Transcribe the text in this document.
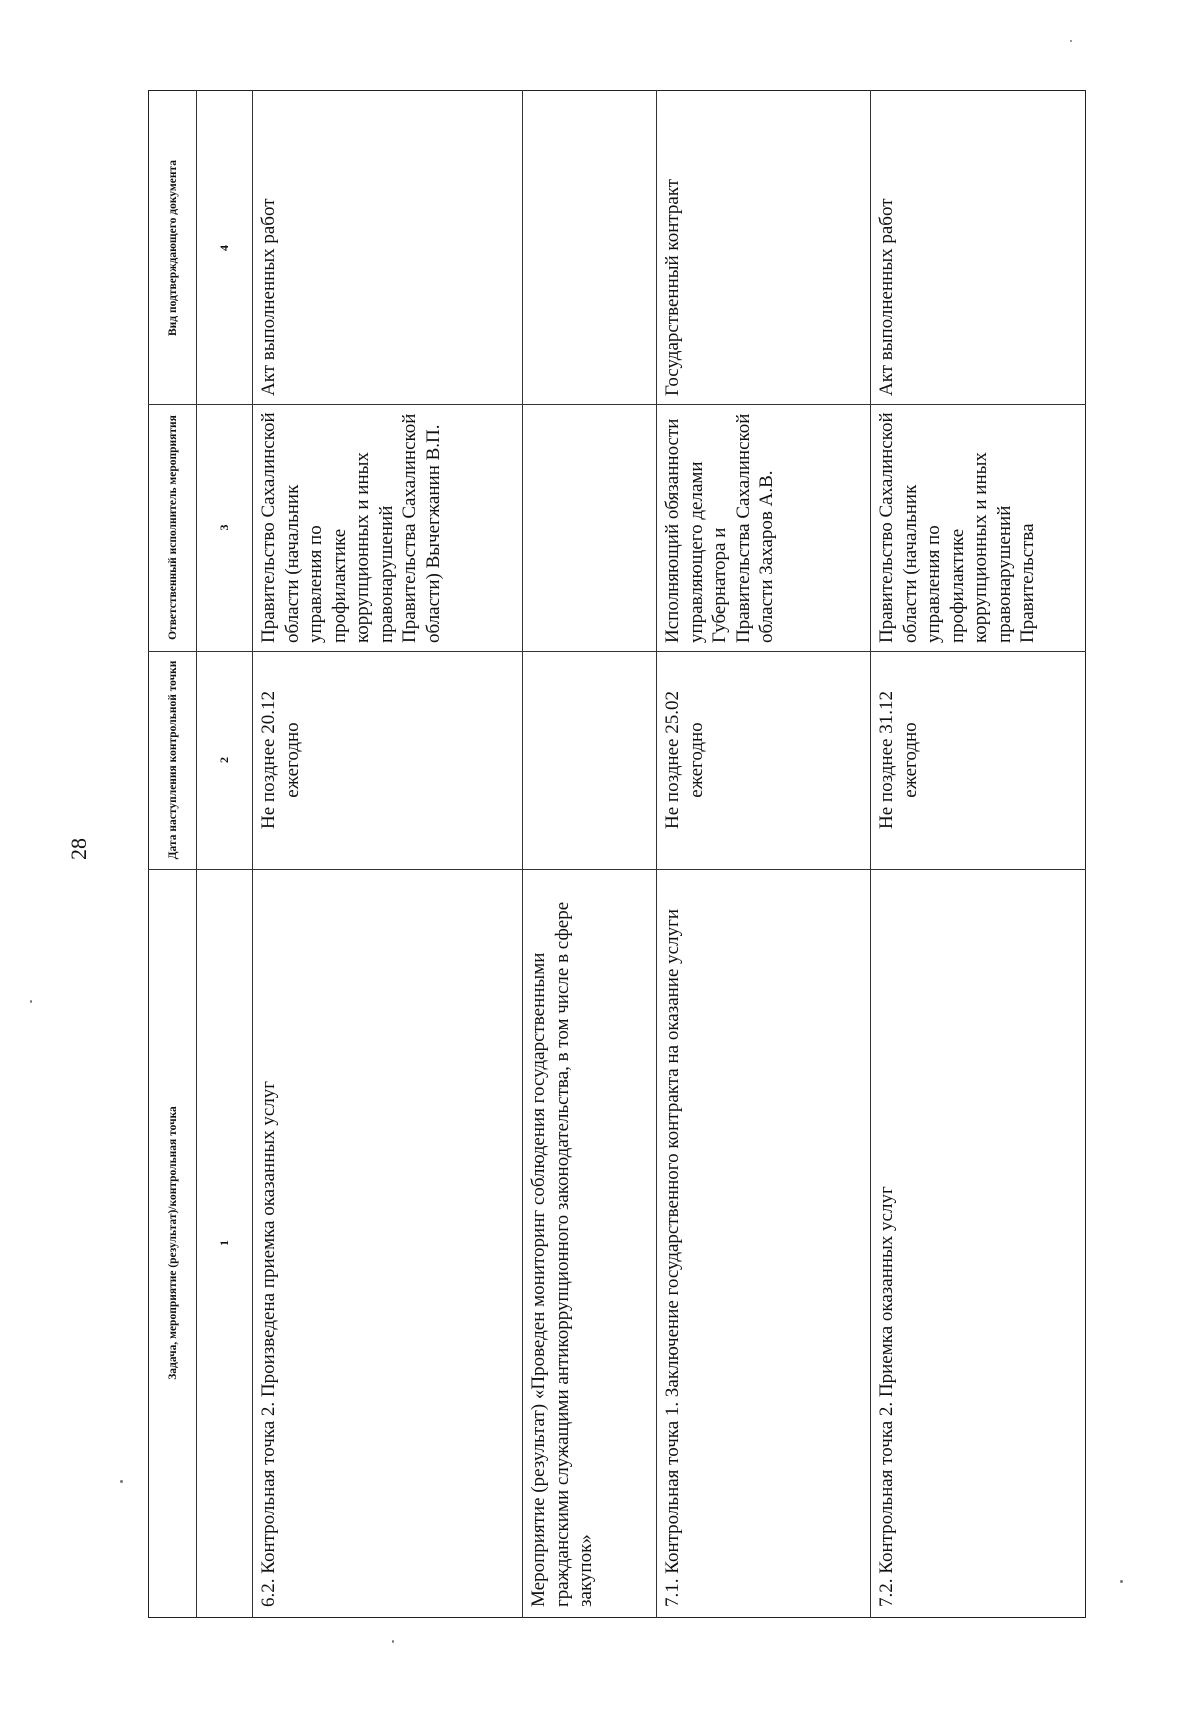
28
Задача, мероприятие (результат)/контрольная точка
Дата наступления контрольной точки
Ответственный исполнитель мероприятия
Вид подтверждающего документа
1
2
3
4
6.2. Контрольная точка 2. Произведена приемка оказанных услуг
Не позднее 20.12 ежегодно
Правительство Сахалинской области (начальник управления по профилактике коррупционных и иных правонарушений Правительства Сахалинской области) Вычегжанин В.П.
Акт выполненных работ
Мероприятие (результат) «Проведен мониторинг соблюдения государственными гражданскими служащими антикоррупционного законодательства, в том числе в сфере закупок»	7.1. Контрольная точка 1. Заключение государственного контракта на оказание услуги
Не позднее 25.02 ежегодно
Исполняющий обязанности управляющего делами Губернатора и Правительства Сахалинской области Захаров А.В.
Государственный контракт
7.2. Контрольная точка 2. Приемка оказанных услуг
Не позднее 31.12 ежегодно
Правительство Сахалинской области (начальник управления по профилактике коррупционных и иных правонарушений Правительства
Акт выполненных работ
